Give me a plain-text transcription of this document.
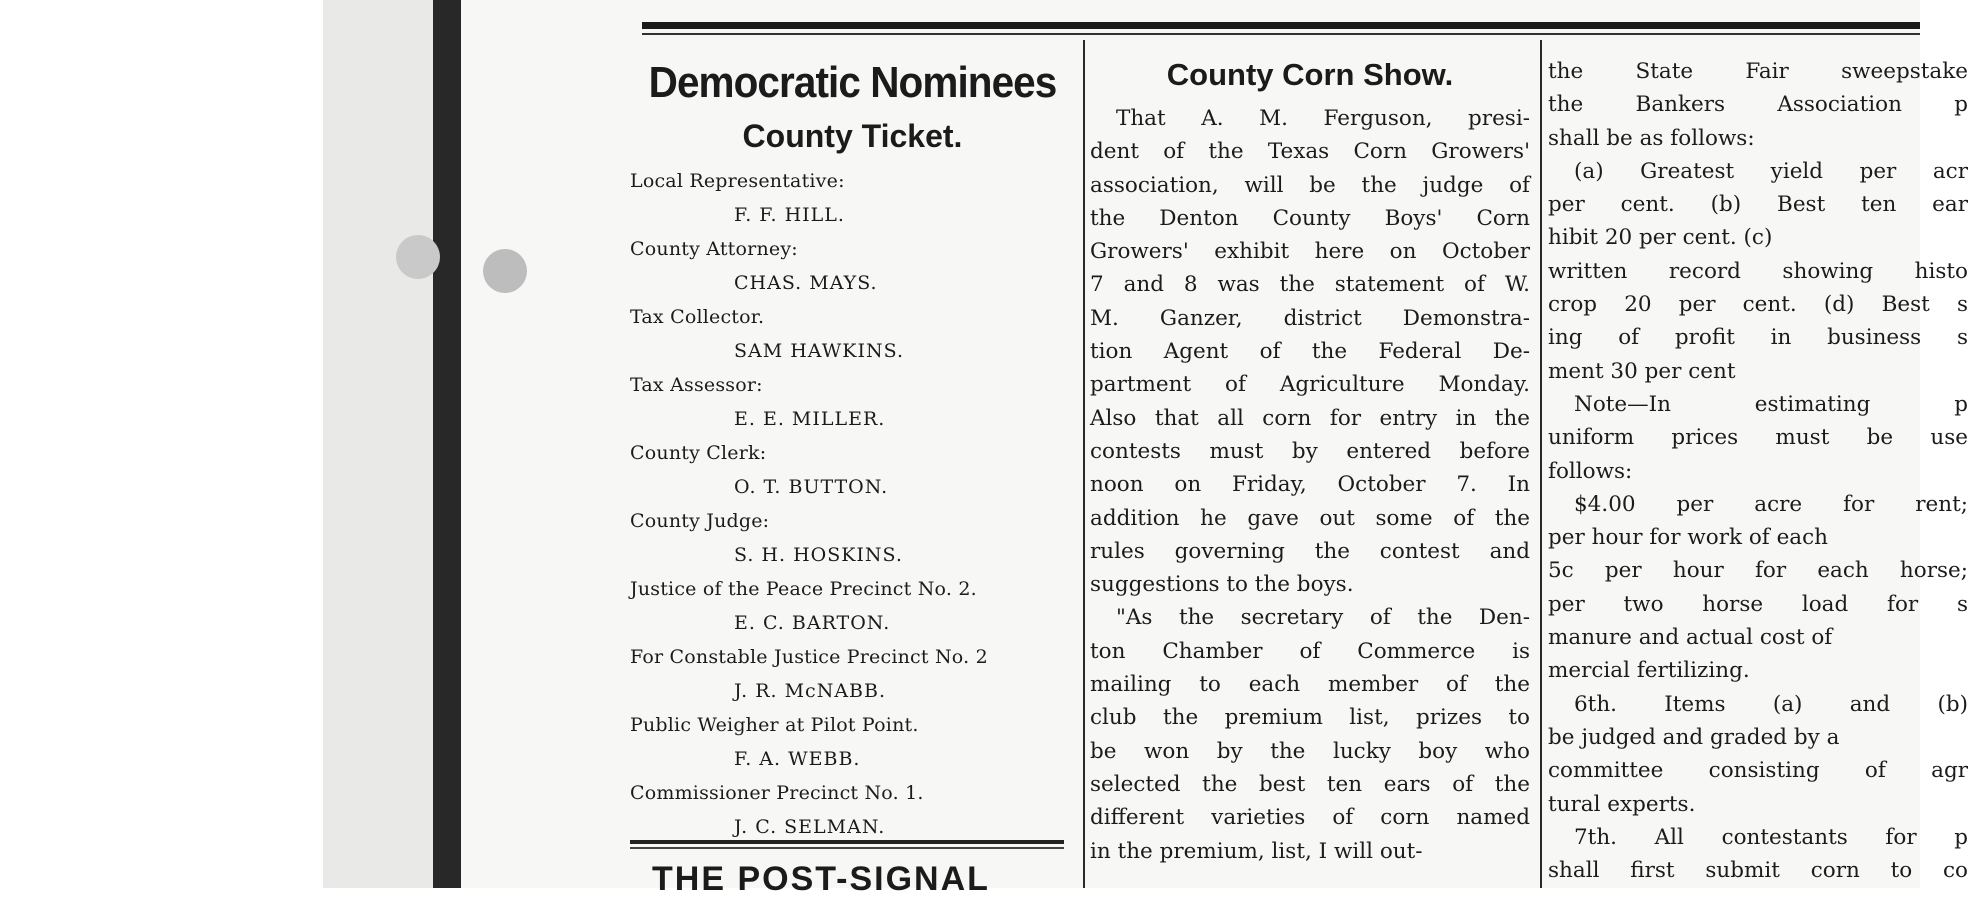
Democratic Nominees
County Ticket.
Local Representative:
F. F. HILL.
County Attorney:
CHAS. MAYS.
Tax Collector.
SAM HAWKINS.
Tax Assessor:
E. E. MILLER.
County Clerk:
O. T. BUTTON.
County Judge:
S. H. HOSKINS.
Justice of the Peace Precinct No. 2.
E. C. BARTON.
For Constable Justice Precinct No. 2
J. R. McNABB.
Public Weigher at Pilot Point.
F. A. WEBB.
Commissioner Precinct No. 1.
J. C. SELMAN.
THE POST-SIGNAL
County Corn Show.
That A. M. Ferguson, presi-
dent of the Texas Corn Growers'
association, will be the judge of
the Denton County Boys' Corn
Growers' exhibit here on October
7 and 8 was the statement of W.
M. Ganzer, district Demonstra-
tion Agent of the Federal De-
partment of Agriculture Monday.
Also that all corn for entry in the
contests must by entered before
noon on Friday, October 7. In
addition he gave out some of the
rules governing the contest and
suggestions to the boys.
"As the secretary of the Den-
ton Chamber of Commerce is
mailing to each member of the
club the premium list, prizes to
be won by the lucky boy who
selected the best ten ears of the
different varieties of corn named
in the premium, list, I will out-
the State Fair sweepstake
the Bankers Association p
shall be as follows:
(a) Greatest yield per acr
per cent. (b) Best ten ear
hibit 20 per cent. (c)
written record showing histo
crop 20 per cent. (d) Best s
ing of profit in business s
ment 30 per cent
Note—In estimating p
uniform prices must be use
follows:
$4.00 per acre for rent;
per hour for work of each
5c per hour for each horse;
per two horse load for s
manure and actual cost of
mercial fertilizing.
6th. Items (a) and (b)
be judged and graded by a
committee consisting of agr
tural experts.
7th. All contestants for p
shall first submit corn to co
